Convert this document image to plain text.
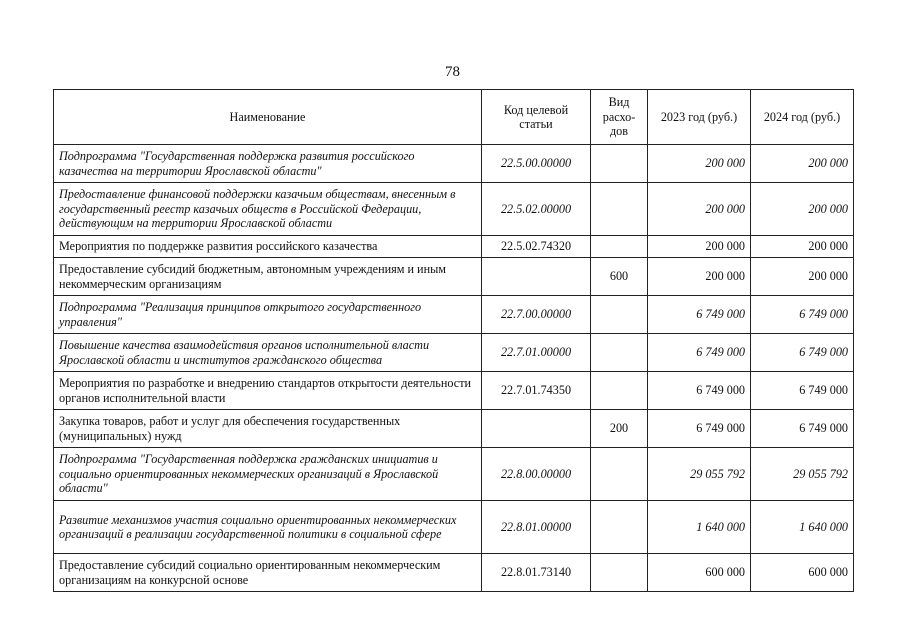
78
Наименование	Код целевой статьи	Вид расхо-дов	2023 год (руб.)	2024 год (руб.)
Подпрограмма "Государственная поддержка развития российского казачества на территории Ярославской области"	22.5.00.00000		200 000	200 000
Предоставление финансовой поддержки казачьим обществам, внесенным в государственный реестр казачьих обществ в Российской Федерации, действующим на территории Ярославской области	22.5.02.00000		200 000	200 000
Мероприятия по поддержке развития российского казачества	22.5.02.74320		200 000	200 000
Предоставление субсидий бюджетным, автономным учреждениям и иным некоммерческим организациям		600	200 000	200 000
Подпрограмма "Реализация принципов открытого государственного управления"	22.7.00.00000		6 749 000	6 749 000
Повышение качества взаимодействия органов исполнительной власти Ярославской области и институтов гражданского общества	22.7.01.00000		6 749 000	6 749 000
Мероприятия по разработке и внедрению стандартов открытости деятельности органов исполнительной власти	22.7.01.74350		6 749 000	6 749 000
Закупка товаров, работ и услуг для обеспечения государственных (муниципальных) нужд		200	6 749 000	6 749 000
Подпрограмма "Государственная поддержка гражданских инициатив и социально ориентированных некоммерческих организаций в Ярославской области"	22.8.00.00000		29 055 792	29 055 792
Развитие механизмов участия социально ориентированных некоммерческих организаций в реализации государственной политики в социальной сфере	22.8.01.00000		1 640 000	1 640 000
Предоставление субсидий социально ориентированным некоммерческим организациям на конкурсной основе	22.8.01.73140		600 000	600 000
